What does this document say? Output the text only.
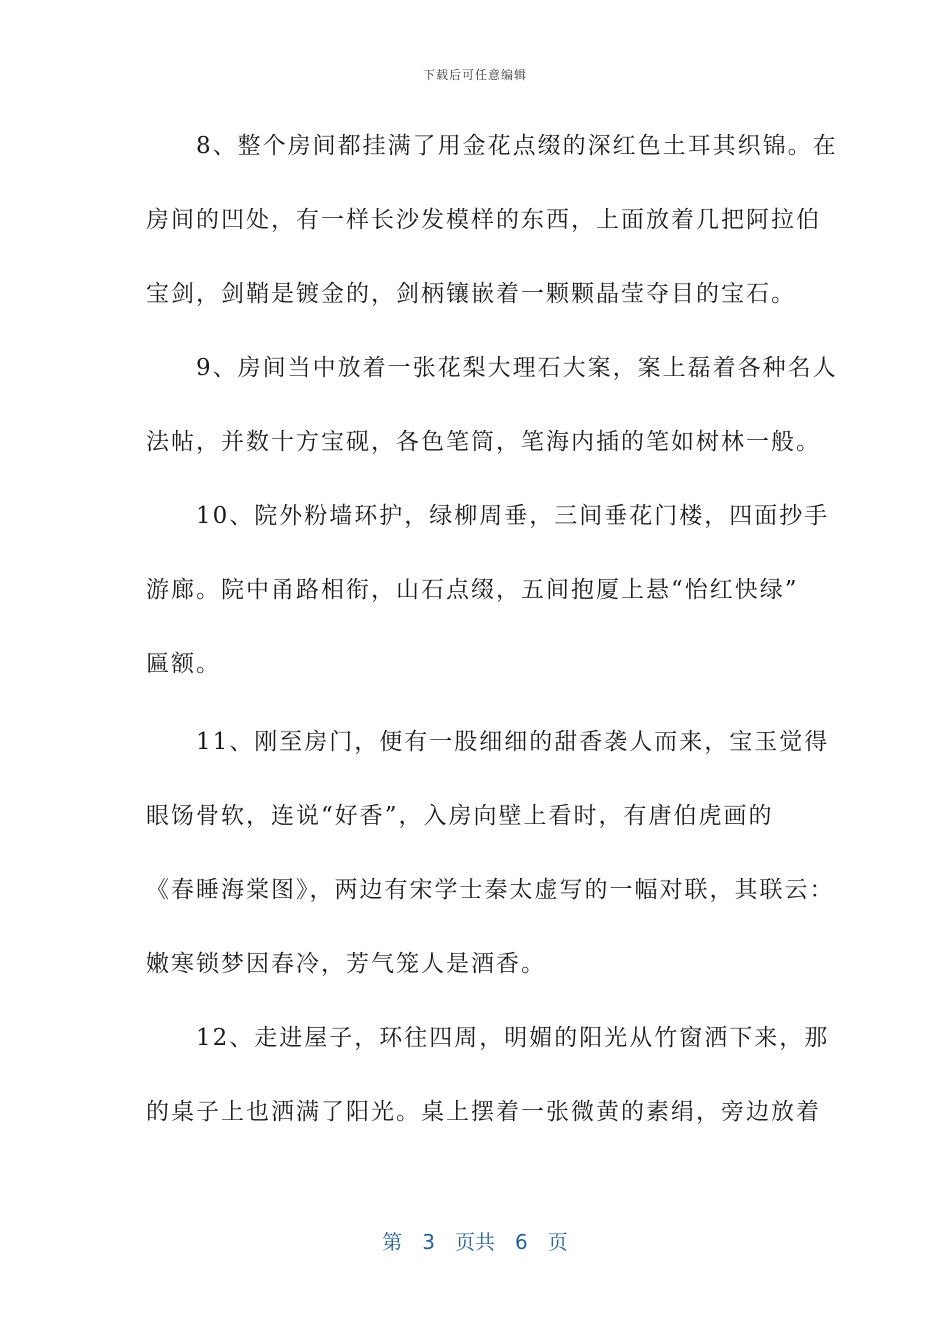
下载后可任意编辑
　　8、整个房间都挂满了用金花点缀的深红色土耳其织锦。在
房间的凹处，有一样长沙发模样的东西，上面放着几把阿拉伯
宝剑，剑鞘是镀金的，剑柄镶嵌着一颗颗晶莹夺目的宝石。
　　9、房间当中放着一张花梨大理石大案，案上磊着各种名人
法帖，并数十方宝砚，各色笔筒，笔海内插的笔如树林一般。
　　10、院外粉墙环护，绿柳周垂，三间垂花门楼，四面抄手
游廊。院中甬路相衔，山石点缀，五间抱厦上悬“怡红快绿”
匾额。
　　11、刚至房门，便有一股细细的甜香袭人而来，宝玉觉得
眼饧骨软，连说“好香”，入房向壁上看时，有唐伯虎画的
《春睡海棠图》，两边有宋学士秦太虚写的一幅对联，其联云：
嫩寒锁梦因春冷，芳气笼人是酒香。
　　12、走进屋子，环往四周，明媚的阳光从竹窗洒下来，那
的桌子上也洒满了阳光。桌上摆着一张微黄的素绢，旁边放着
第　3　页共　6　页
